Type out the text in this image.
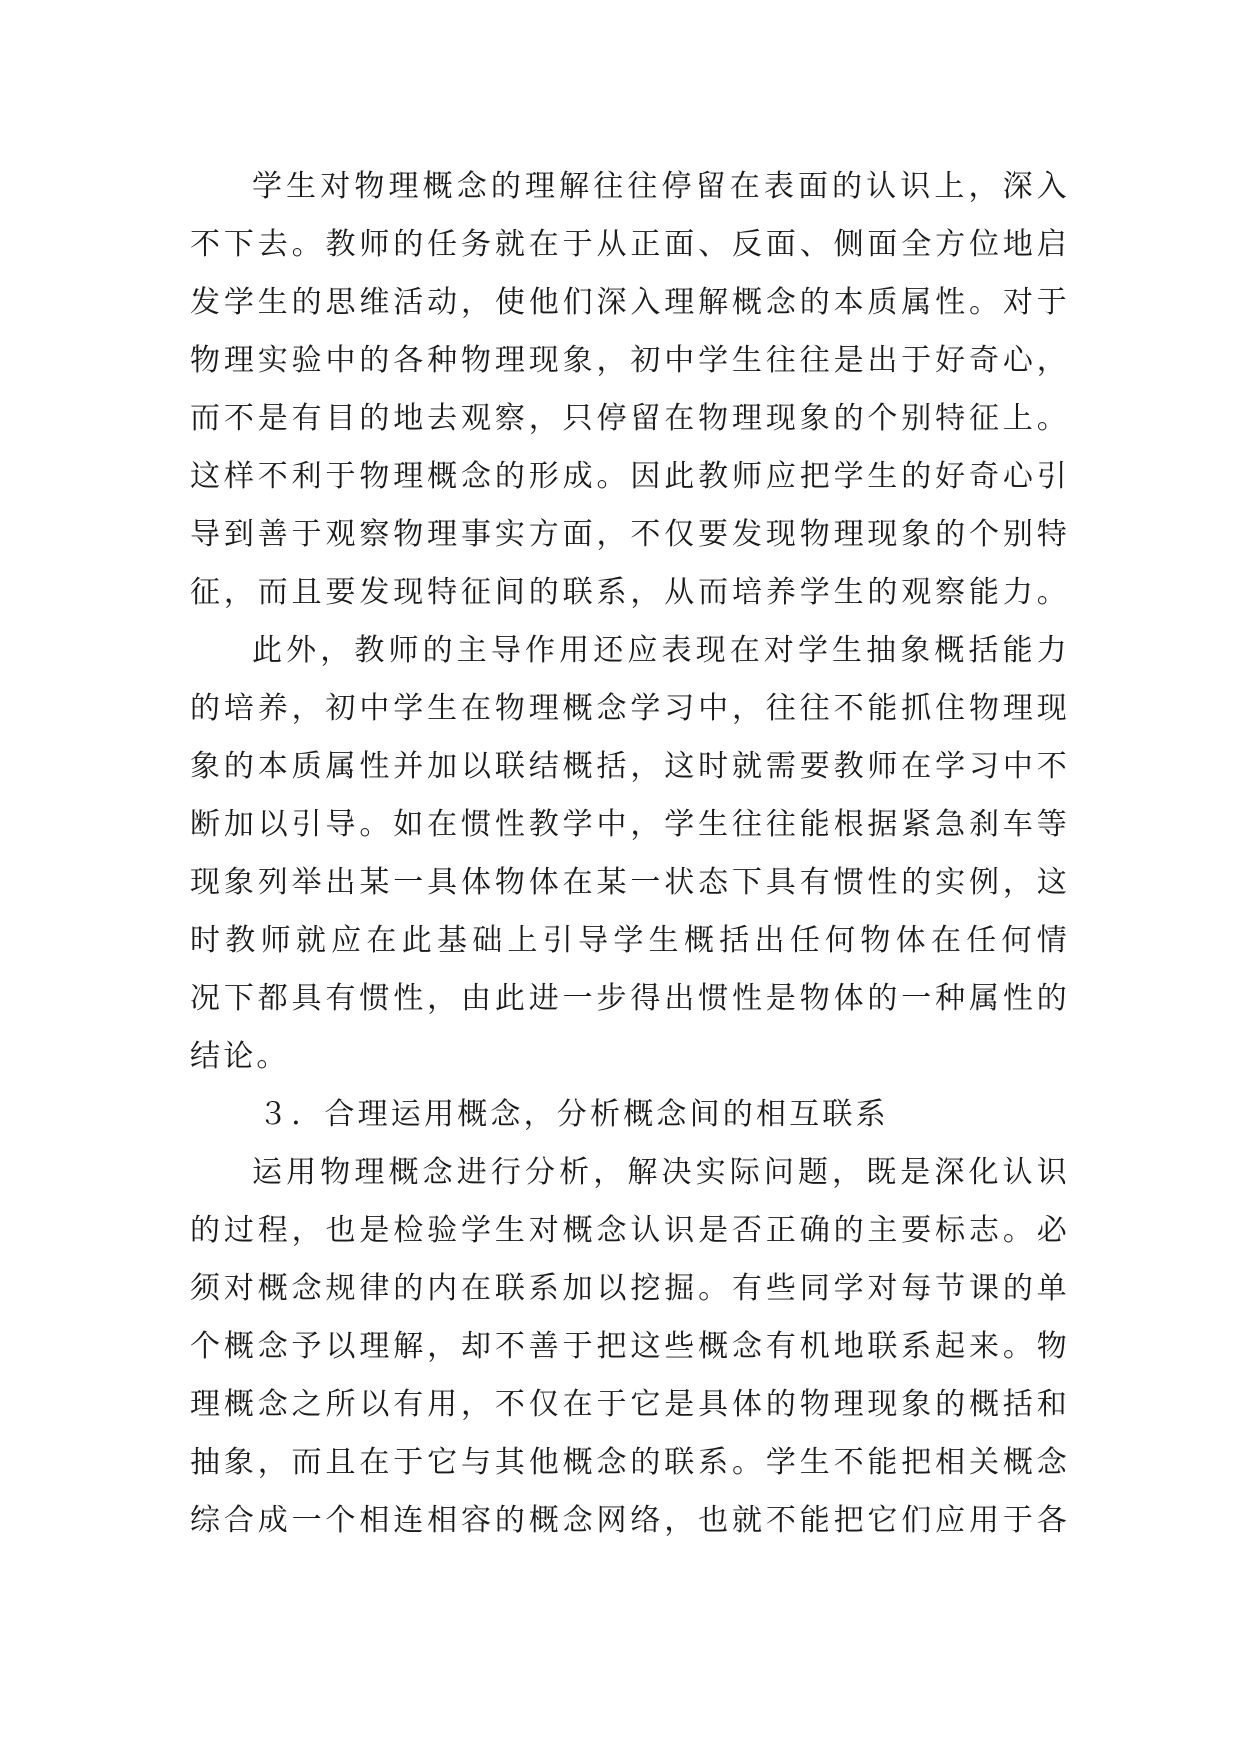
学生对物理概念的理解往往停留在表面的认识上，深入
不下去。教师的任务就在于从正面、反面、侧面全方位地启
发学生的思维活动，使他们深入理解概念的本质属性。对于
物理实验中的各种物理现象，初中学生往往是出于好奇心，
而不是有目的地去观察，只停留在物理现象的个别特征上。
这样不利于物理概念的形成。因此教师应把学生的好奇心引
导到善于观察物理事实方面，不仅要发现物理现象的个别特
征，而且要发现特征间的联系，从而培养学生的观察能力。
此外，教师的主导作用还应表现在对学生抽象概括能力
的培养，初中学生在物理概念学习中，往往不能抓住物理现
象的本质属性并加以联结概括，这时就需要教师在学习中不
断加以引导。如在惯性教学中，学生往往能根据紧急刹车等
现象列举出某一具体物体在某一状态下具有惯性的实例，这
时教师就应在此基础上引导学生概括出任何物体在任何情
况下都具有惯性，由此进一步得出惯性是物体的一种属性的
结论。
３．合理运用概念，分析概念间的相互联系
运用物理概念进行分析，解决实际问题，既是深化认识
的过程，也是检验学生对概念认识是否正确的主要标志。必
须对概念规律的内在联系加以挖掘。有些同学对每节课的单
个概念予以理解，却不善于把这些概念有机地联系起来。物
理概念之所以有用，不仅在于它是具体的物理现象的概括和
抽象，而且在于它与其他概念的联系。学生不能把相关概念
综合成一个相连相容的概念网络，也就不能把它们应用于各
